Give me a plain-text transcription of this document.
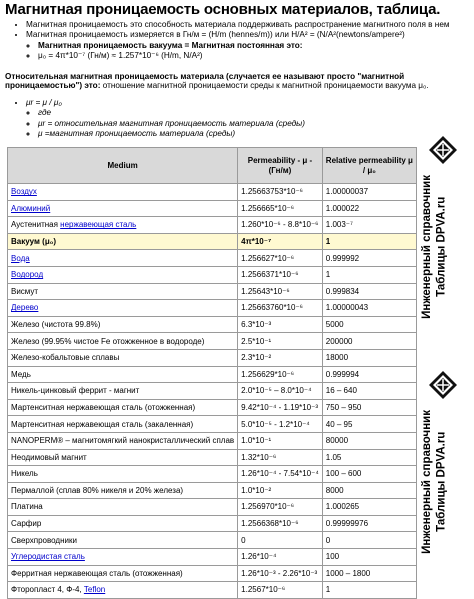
Магнитная проницаемость основных материалов, таблица.
• Магнитная проницаемость это способность материала поддерживать распространение магнитного поля в нем
• Магнитная проницаемость измеряется в Гн/м = (H/m (hennes/m)) или H/A² = (N/A²(newtons/ampere²)
◦ Магнитная проницаемость вакуума = Магнитная постоянная это:
◦ μ₀ = 4π*10⁻⁷ (Гн/м) ≈ 1.257*10⁻⁶ (H/m, N/A²)
Относительная магнитная проницаемость материала (случается ее называют просто "магнитной проницаемостью") это: отношение магнитной проницаемости среды к магнитной проницаемости вакуума μ₀.
• μr = μ / μ₀
◦ где
◦ μr = относительная магнитная проницаемость материала (среды)
◦ μ =магнитная проницаемость материала (среды)
Medium	Permeability - μ - (Гн/м)	Relative permeability μ / μ₀
Воздух	1.25663753*10⁻⁶	1.00000037
Алюминий	1.256665*10⁻⁶	1.000022
Аустенитная нержавеющая сталь	1.260*10⁻⁶ - 8.8*10⁻⁶	1.003⁻⁷
Вакуум (μ₀)	4π*10⁻⁷	1
Вода	1.256627*10⁻⁶	0.999992
Водород	1.2566371*10⁻⁶	1
Висмут	1.25643*10⁻⁶	0.999834
Дерево	1.25663760*10⁻⁶	1.00000043
Железо (чистота 99.8%)	6.3*10⁻³	5000
Железо (99.95% чистое Fe отожженное в водороде)	2.5*10⁻¹	200000
Железо-кобальтовые сплавы	2.3*10⁻²	18000
Медь	1.256629*10⁻⁶	0.999994
Никель-цинковый феррит - магнит	2.0*10⁻⁵ – 8.0*10⁻⁴	16 – 640
Мартенситная нержавеющая сталь (отожженная)	9.42*10⁻⁴ - 1.19*10⁻³	750 – 950
Мартенситная нержавеющая сталь (закаленная)	5.0*10⁻⁵ - 1.2*10⁻⁴	40 – 95
NANOPERM® – магнитомягкий нанокристаллический сплав	1.0*10⁻¹	80000
Неодимовый магнит	1.32*10⁻⁶	1.05
Никель	1.26*10⁻⁴ - 7.54*10⁻⁴	100 – 600
Пермаллой (сплав 80% никеля и 20% железа)	1.0*10⁻²	8000
Платина	1.256970*10⁻⁶	1.000265
Сарфир	1.2566368*10⁻⁶	0.99999976
Сверхпроводники	0	0
Углеродистая сталь	1.26*10⁻⁴	100
Ферритная нержавеющая сталь (отожженная)	1.26*10⁻³ - 2.26*10⁻³	1000 – 1800
Фторопласт 4, Ф-4, Teflon	1.2567*10⁻⁶	1
Инженерный справочник Таблицы DPVA.ru
Инженерный справочник Таблицы DPVA.ru
